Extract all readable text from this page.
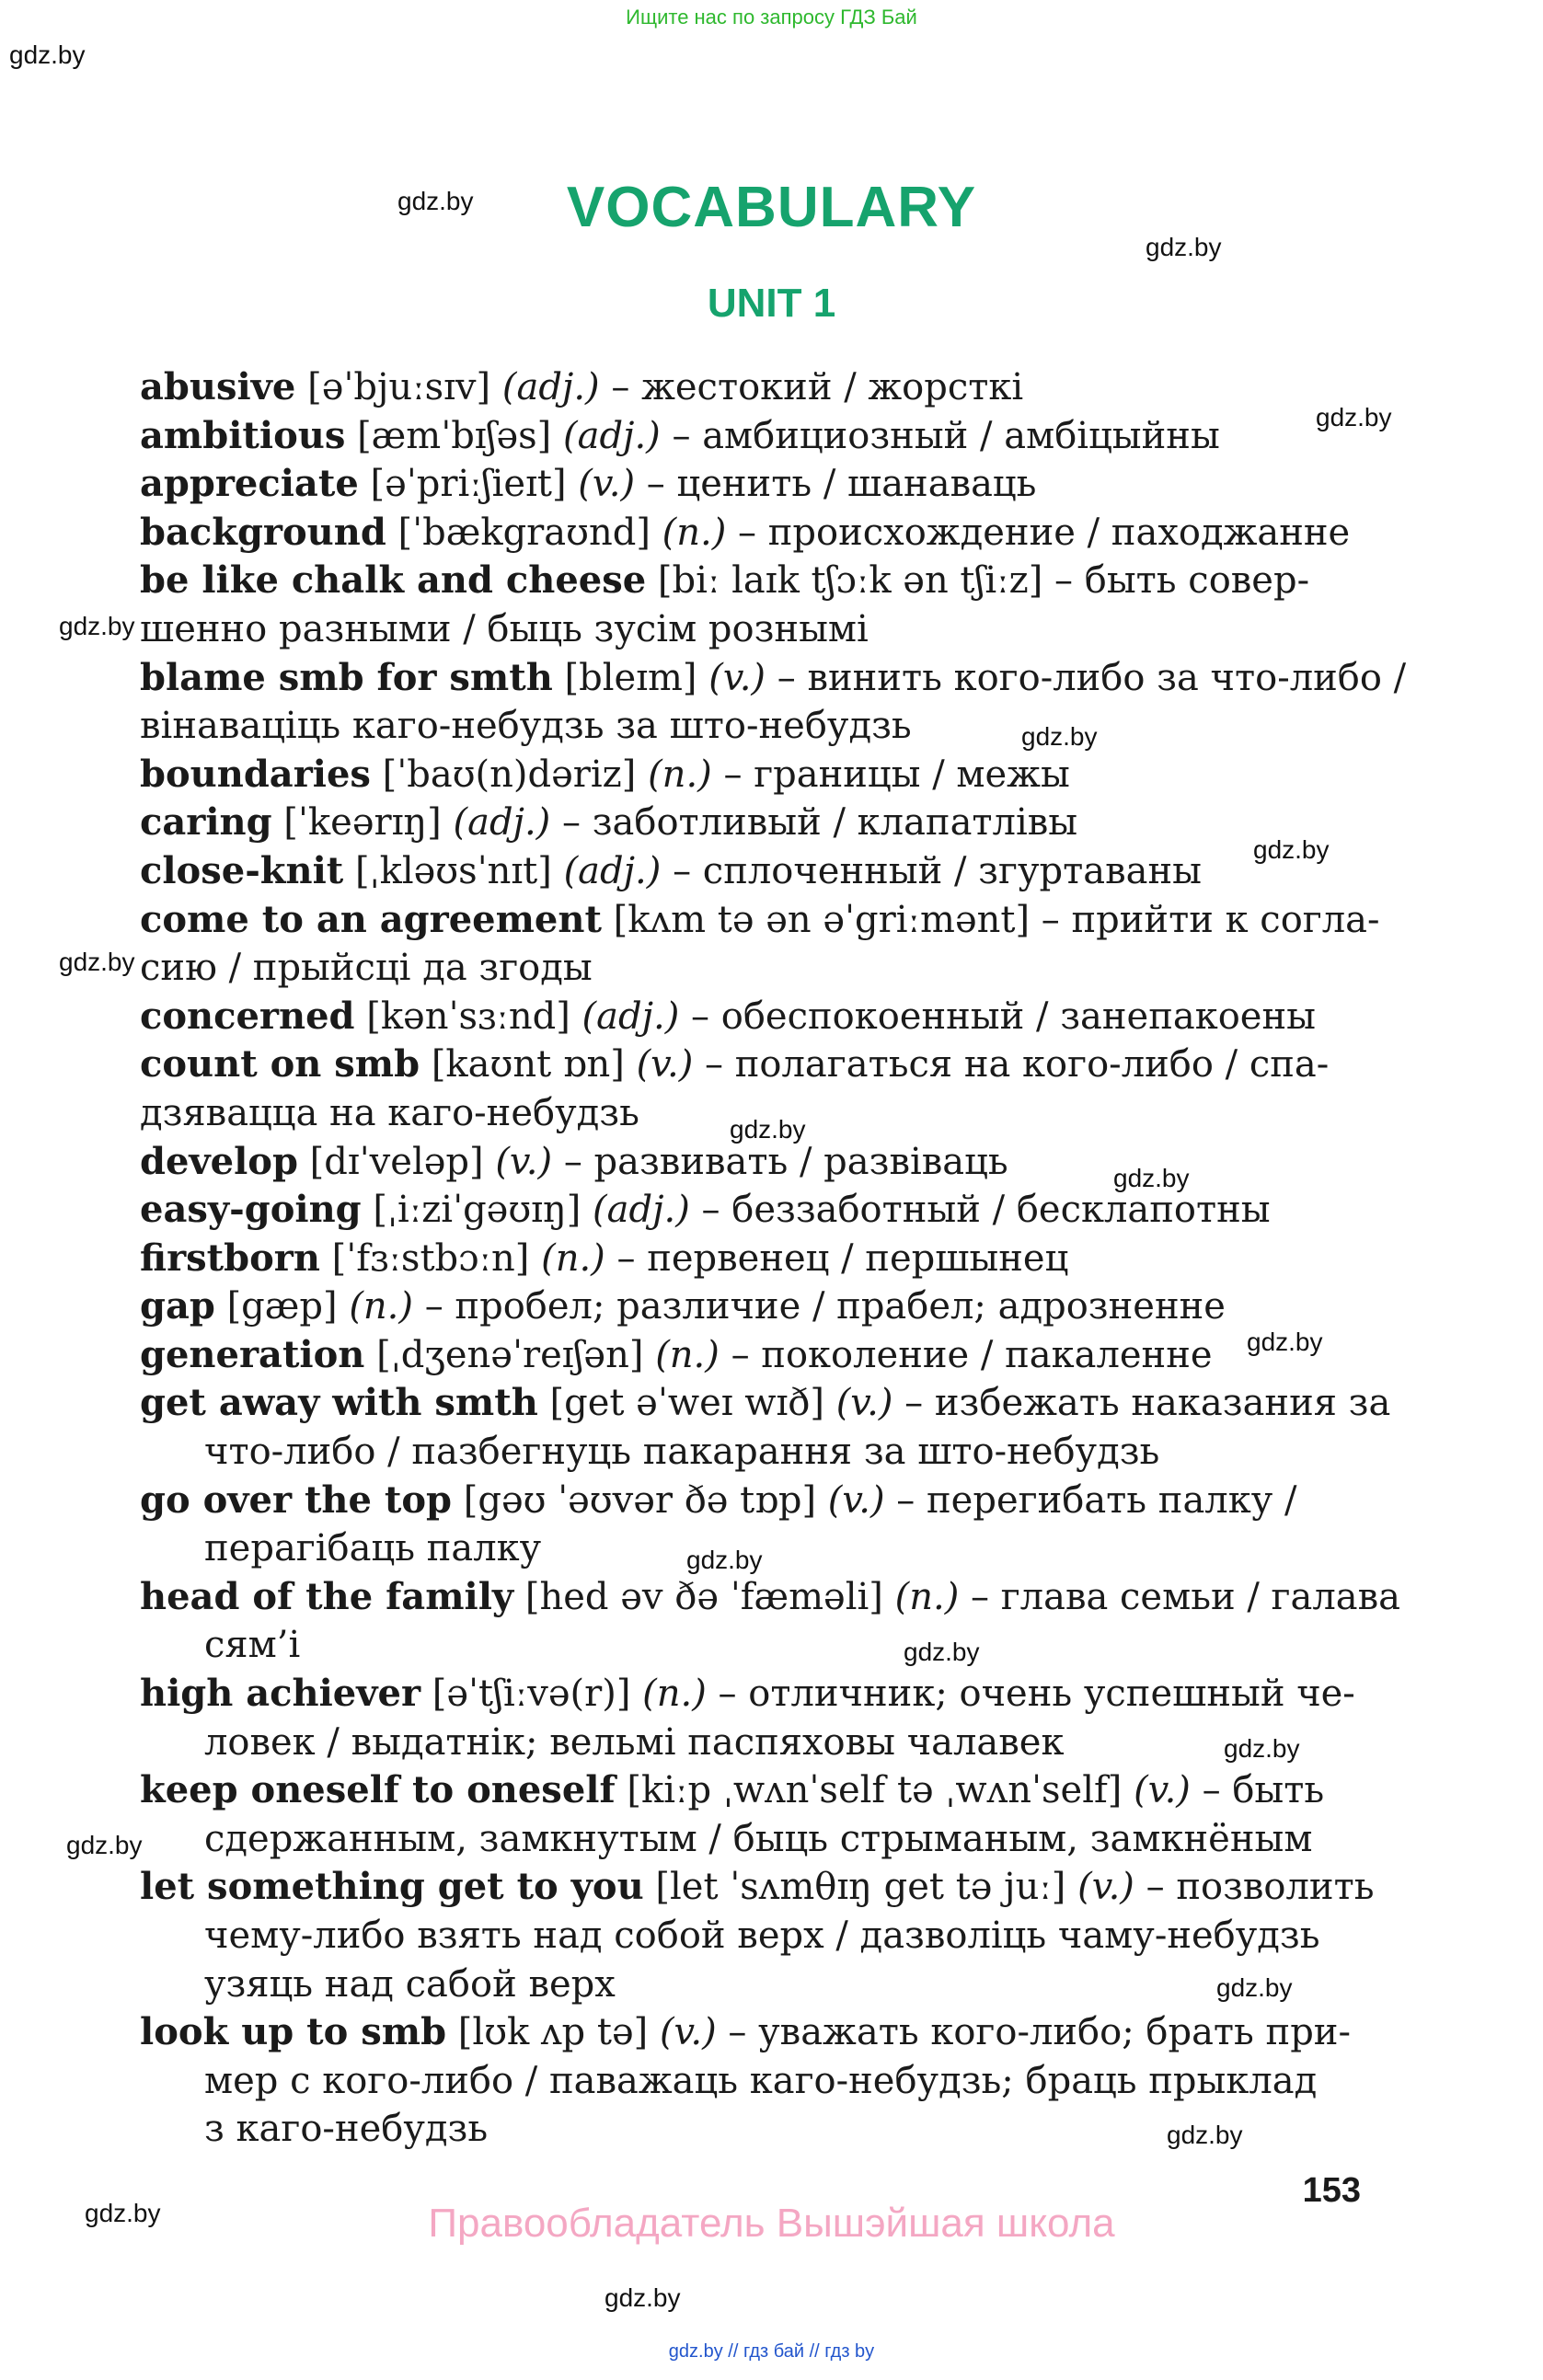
Ищите нас по запросу ГДЗ Бай
gdz.by
gdz.by
gdz.by
gdz.by
gdz.by
gdz.by
gdz.by
gdz.by
gdz.by
gdz.by
gdz.by
gdz.by
gdz.by
gdz.by
gdz.by
gdz.by
gdz.by
gdz.by
gdz.by
VOCABULARY
UNIT 1
abusive [əˈbjuːsɪv] (adj.) – жестокий / жорсткі
ambitious [æmˈbɪʃəs] (adj.) – амбициозный / амбіцыйны
appreciate [əˈpriːʃieɪt] (v.) – ценить / шанаваць
background [ˈbækgraʊnd] (n.) – происхождение / паходжанне
be like chalk and cheese [biː laɪk tʃɔːk ən tʃiːz] – быть совер-
шенно разными / быць зусім рознымі
blame smb for smth [bleɪm] (v.) – винить кого-либо за что-либо /
вінавацiць каго-небудзь за што-небудзь
boundaries [ˈbaʊ(n)dəriz] (n.) – границы / межы
caring [ˈkeərɪŋ] (adj.) – заботливый / клапатлівы
close-knit [ˌkləʊsˈnɪt] (adj.) – сплоченный / згуртаваны
come to an agreement [kʌm tə ən əˈgriːmənt] – прийти к согла-
сию / прыйсці да згоды
concerned [kənˈsɜːnd] (adj.) – обеспокоенный / занепакоены
count on smb [kaʊnt ɒn] (v.) – полагаться на кого-либо / спа-
дзяваццa на каго-небудзь
develop [dɪˈveləp] (v.) – развивать / развіваць
easy-going [ˌiːziˈgəʊɪŋ] (adj.) – беззаботный / бесклапотны
firstborn [ˈfɜːstbɔːn] (n.) – первенец / першынец
gap [gæp] (n.) – пробел; различие / прабел; адрозненне
generation [ˌdʒenəˈreɪʃən] (n.) – поколение / пакаленне
get away with smth [get əˈweɪ wɪð] (v.) – избежать наказания за
что-либо / пазбегнуць пакарання за што-небудзь
go over the top [gəʊ ˈəʊvər ðə tɒp] (v.) – перегибать палку /
перагібаць палку
head of the family [hed əv ðə ˈfæməli] (n.) – глава семьи / галава
сям’і
high achiever [əˈtʃiːvə(r)] (n.) – отличник; очень успешный че-
ловек / выдатнік; вельмі паспяховы чалавек
keep oneself to oneself [kiːp ˌwʌnˈself tə ˌwʌnˈself] (v.) – быть
сдержанным, замкнутым / быць стрыманым, замкнёным
let something get to you [let ˈsʌmθɪŋ get tə juː] (v.) – позволить
чему-либо взять над собой верх / дазволіць чаму-небудзь
узяць над сабой верх
look up to smb [lʊk ʌp tə] (v.) – уважать кого-либо; брать при-
мер с кого-либо / паважаць каго-небудзь; браць прыклад
з каго-небудзь
153
Правообладатель Вышэйшая школа
gdz.by // гдз бай // гдз by
